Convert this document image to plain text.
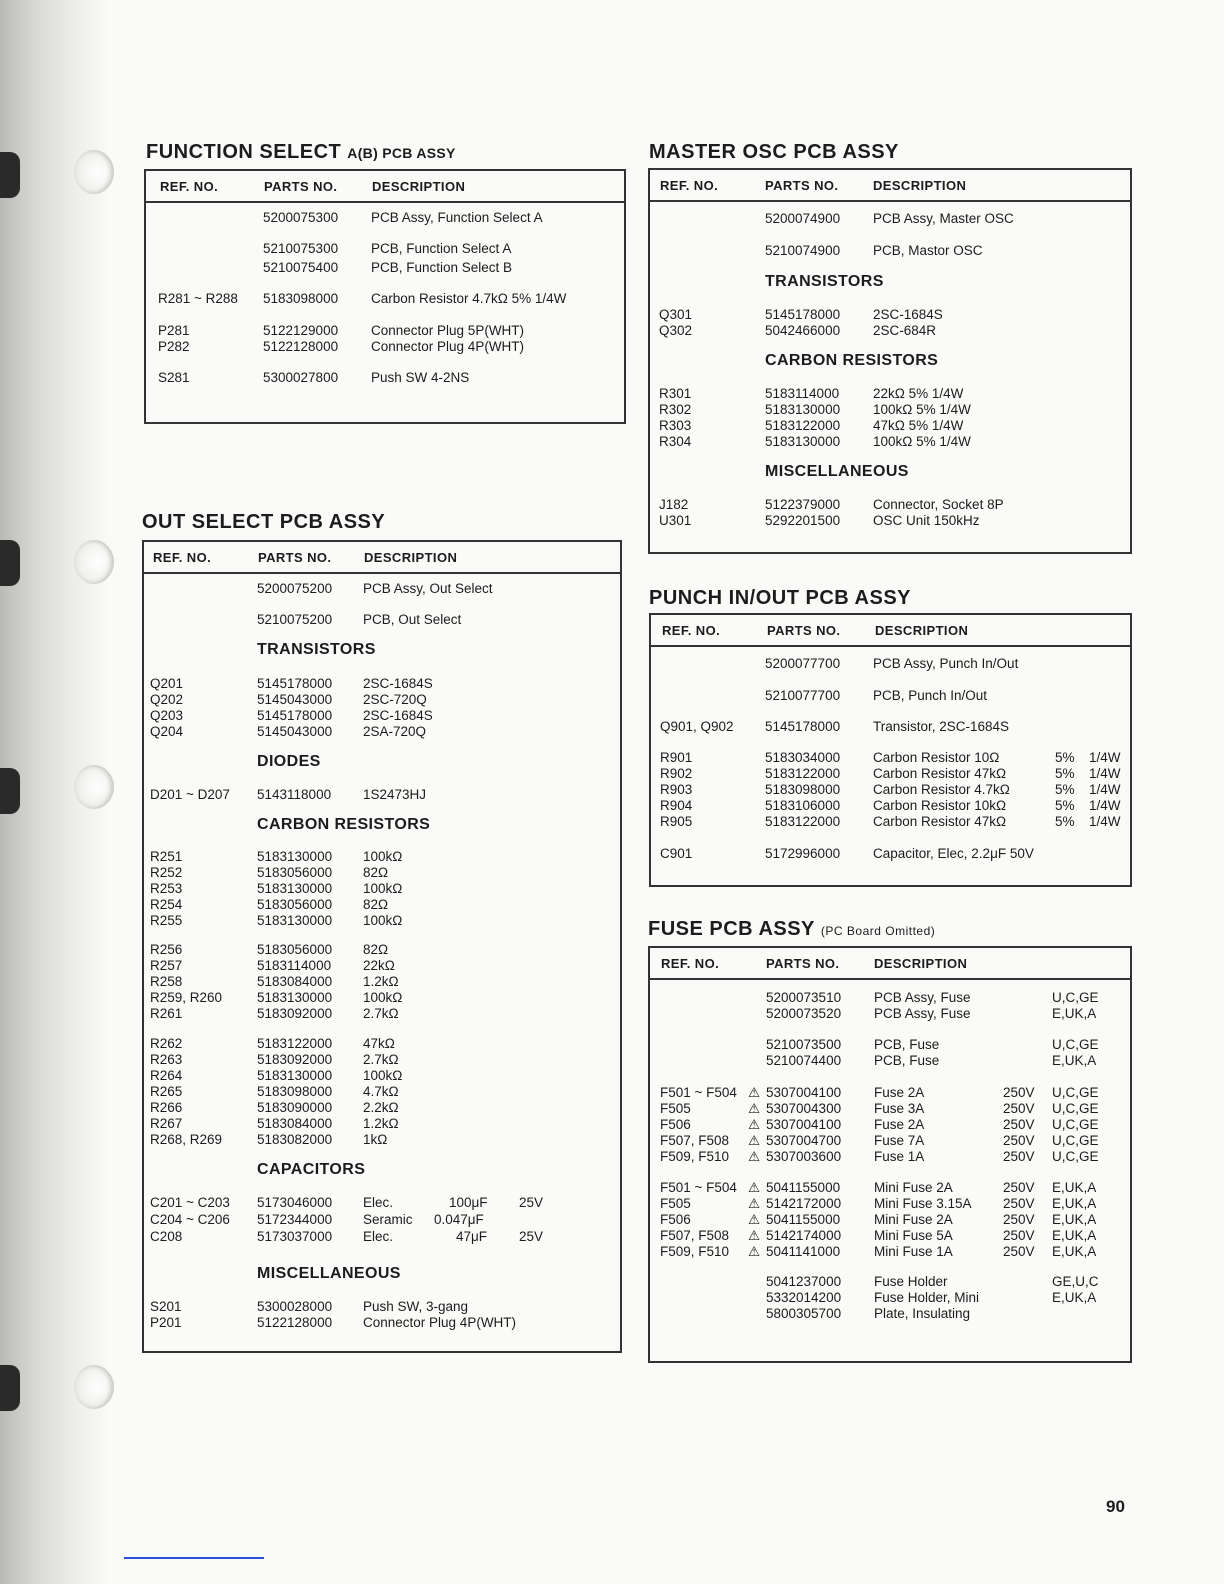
FUNCTION SELECT A(B) PCB ASSY
REF. NO.	PARTS NO.	DESCRIPTION
5200075300 PCB Assy, Function Select A
5210075300 PCB, Function Select A
5210075400 PCB, Function Select B
R281 ~ R288 5183098000 Carbon Resistor 4.7kΩ 5% 1/4W
P281	5122129000 Connector Plug 5P(WHT)
P282	5122128000 Connector Plug 4P(WHT)
S281	5300027800 Push SW 4-2NS
OUT SELECT PCB ASSY
REF. NO.	PARTS NO.	DESCRIPTION
5200075200 PCB Assy, Out Select
5210075200 PCB, Out Select
TRANSISTORS
Q201	5145178000 2SC-1684S
Q202	5145043000 2SC-720Q
Q203	5145178000 2SC-1684S
Q204	5145043000 2SA-720Q
DIODES
D201 ~ D207 5143118000 1S2473HJ
CARBON RESISTORS
R251	5183130000 100kΩ
R252	5183056000 82Ω
R253	5183130000 100kΩ
R254	5183056000 82Ω
R255	5183130000 100kΩ
R256	5183056000 82Ω
R257	5183114000 22kΩ
R258	5183084000 1.2kΩ
R259, R260	5183130000 100kΩ
R261	5183092000 2.7kΩ
R262	5183122000 47kΩ
R263	5183092000 2.7kΩ
R264	5183130000 100kΩ
R265	5183098000 4.7kΩ
R266	5183090000 2.2kΩ
R267	5183084000 1.2kΩ
R268, R269	5183082000 1kΩ
CAPACITORS
C201 ~ C203 5173046000 Elec.	100μF 25V
C204 ~ C206 5172344000 Seramic 0.047μF
C208	5173037000 Elec.	47μF 25V
MISCELLANEOUS
S201	5300028000 Push SW, 3-gang
P201	5122128000 Connector Plug 4P(WHT)
MASTER OSC PCB ASSY
REF. NO.	PARTS NO.	DESCRIPTION
5200074900 PCB Assy, Master OSC
5210074900 PCB, Mastor OSC
TRANSISTORS
Q301	5145178000 2SC-1684S
Q302	5042466000 2SC-684R
CARBON RESISTORS
R301	5183114000	22kΩ 5% 1/4W
R302	5183130000 100kΩ 5% 1/4W
R303	5183122000 47kΩ 5% 1/4W
R304	5183130000 100kΩ 5% 1/4W
MISCELLANEOUS
J182	5122379000 Connector, Socket 8P
U301	5292201500 OSC Unit 150kHz
PUNCH IN/OUT PCB ASSY
REF. NO.	PARTS NO.	DESCRIPTION
5200077700 PCB Assy, Punch In/Out
5210077700 PCB, Punch In/Out
Q901, Q902 5145178000 Transistor, 2SC-1684S
R901	5183034000 Carbon Resistor 10Ω	5% 1/4W
R902	5183122000 Carbon Resistor 47kΩ	5% 1/4W
R903	5183098000 Carbon Resistor 4.7kΩ	5% 1/4W
R904	5183106000 Carbon Resistor 10kΩ	5% 1/4W
R905	5183122000 Carbon Resistor 47kΩ	5% 1/4W
C901	5172996000 Capacitor, Elec, 2.2μF 50V
FUSE PCB ASSY (PC Board Omitted)
REF. NO.	PARTS NO.	DESCRIPTION
5200073510 PCB Assy, Fuse	U,C,GE
5200073520 PCB Assy, Fuse	E,UK,A
5210073500 PCB, Fuse	U,C,GE
5210074400 PCB, Fuse	E,UK,A
F501 ~ F504 ⚠ 5307004100 Fuse 2A	250V U,C,GE
F505	⚠ 5307004300 Fuse 3A	250V U,C,GE
F506	⚠ 5307004100 Fuse 2A	250V U,C,GE
F507, F508 ⚠ 5307004700 Fuse 7A	250V U,C,GE
F509, F510 ⚠ 5307003600 Fuse 1A	250V U,C,GE
F501 ~ F504 ⚠ 5041155000	Mini Fuse 2A	250V E,UK,A
F505	⚠ 5142172000 Mini Fuse 3.15A 250V E,UK,A
F506	⚠ 5041155000	Mini Fuse 2A	250V E,UK,A
F507, F508 ⚠ 5142174000 Mini Fuse 5A	250V E,UK,A
F509, F510 ⚠ 5041141000	Mini Fuse 1A	250V E,UK,A
5041237000 Fuse Holder	GE,U,C
5332014200 Fuse Holder, Mini	E,UK,A
5800305700 Plate, Insulating
90
